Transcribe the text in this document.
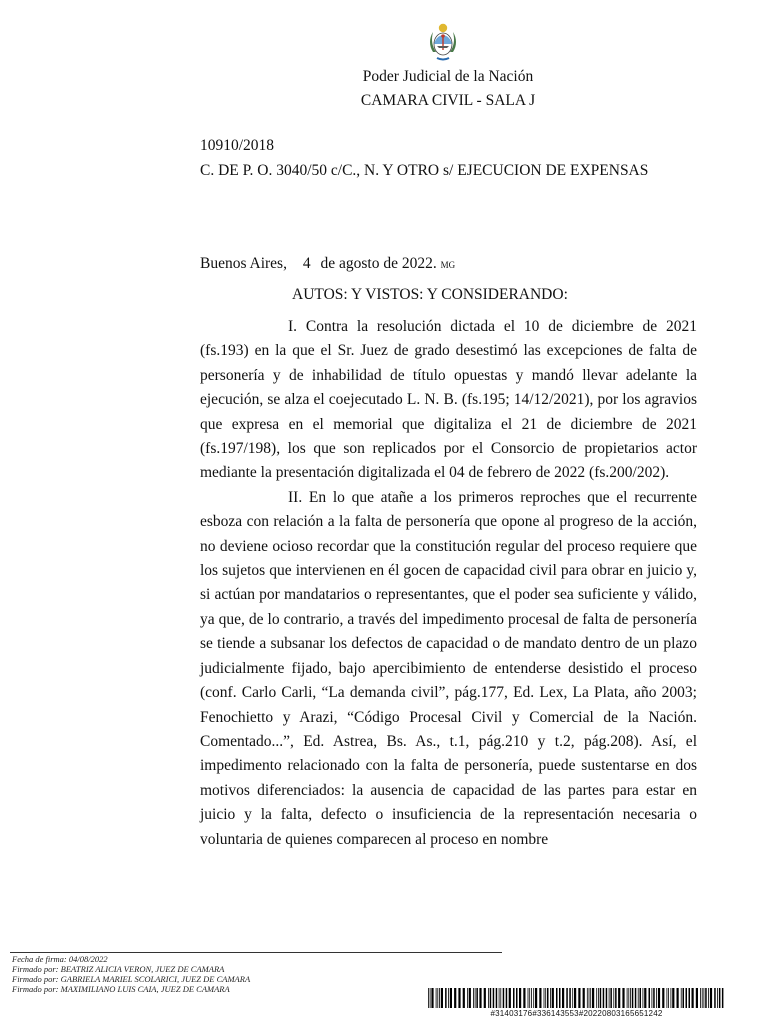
Poder Judicial de la Nación
CAMARA CIVIL - SALA J
10910/2018
C. DE P. O. 3040/50 c/C., N. Y OTRO s/ EJECUCION DE EXPENSAS
Buenos Aires, 4 de agosto de 2022. MG
AUTOS: Y VISTOS: Y CONSIDERANDO:

I. Contra la resolución dictada el 10 de diciembre de 2021 (fs.193) en la que el Sr. Juez de grado desestimó las excepciones de falta de personería y de inhabilidad de título opuestas y mandó llevar adelante la ejecución, se alza el coejecutado L. N. B. (fs.195; 14/12/2021), por los agravios que expresa en el memorial que digitaliza el 21 de diciembre de 2021 (fs.197/198), los que son replicados por el Consorcio de propietarios actor mediante la presentación digitalizada el 04 de febrero de 2022 (fs.200/202).

II. En lo que atañe a los primeros reproches que el recurrente esboza con relación a la falta de personería que opone al progreso de la acción, no deviene ocioso recordar que la constitución regular del proceso requiere que los sujetos que intervienen en él gocen de capacidad civil para obrar en juicio y, si actúan por mandatarios o representantes, que el poder sea suficiente y válido, ya que, de lo contrario, a través del impedimento procesal de falta de personería se tiende a subsanar los defectos de capacidad o de mandato dentro de un plazo judicialmente fijado, bajo apercibimiento de entenderse desistido el proceso (conf. Carlo Carli, “La demanda civil”, pág.177, Ed. Lex, La Plata, año 2003; Fenochietto y Arazi, “Código Procesal Civil y Comercial de la Nación. Comentado...”, Ed. Astrea, Bs. As., t.1, pág.210 y t.2, pág.208). Así, el impedimento relacionado con la falta de personería, puede sustentarse en dos motivos diferenciados: la ausencia de capacidad de las partes para estar en juicio y la falta, defecto o insuficiencia de la representación necesaria o voluntaria de quienes comparecen al proceso en nombre

Fecha de firma: 04/08/2022
Firmado por: BEATRIZ ALICIA VERON, JUEZ DE CAMARA
Firmado por: GABRIELA MARIEL SCOLARICI, JUEZ DE CAMARA
Firmado por: MAXIMILIANO LUIS CAIA, JUEZ DE CAMARA
#31403176#336143553#20220803165651242
